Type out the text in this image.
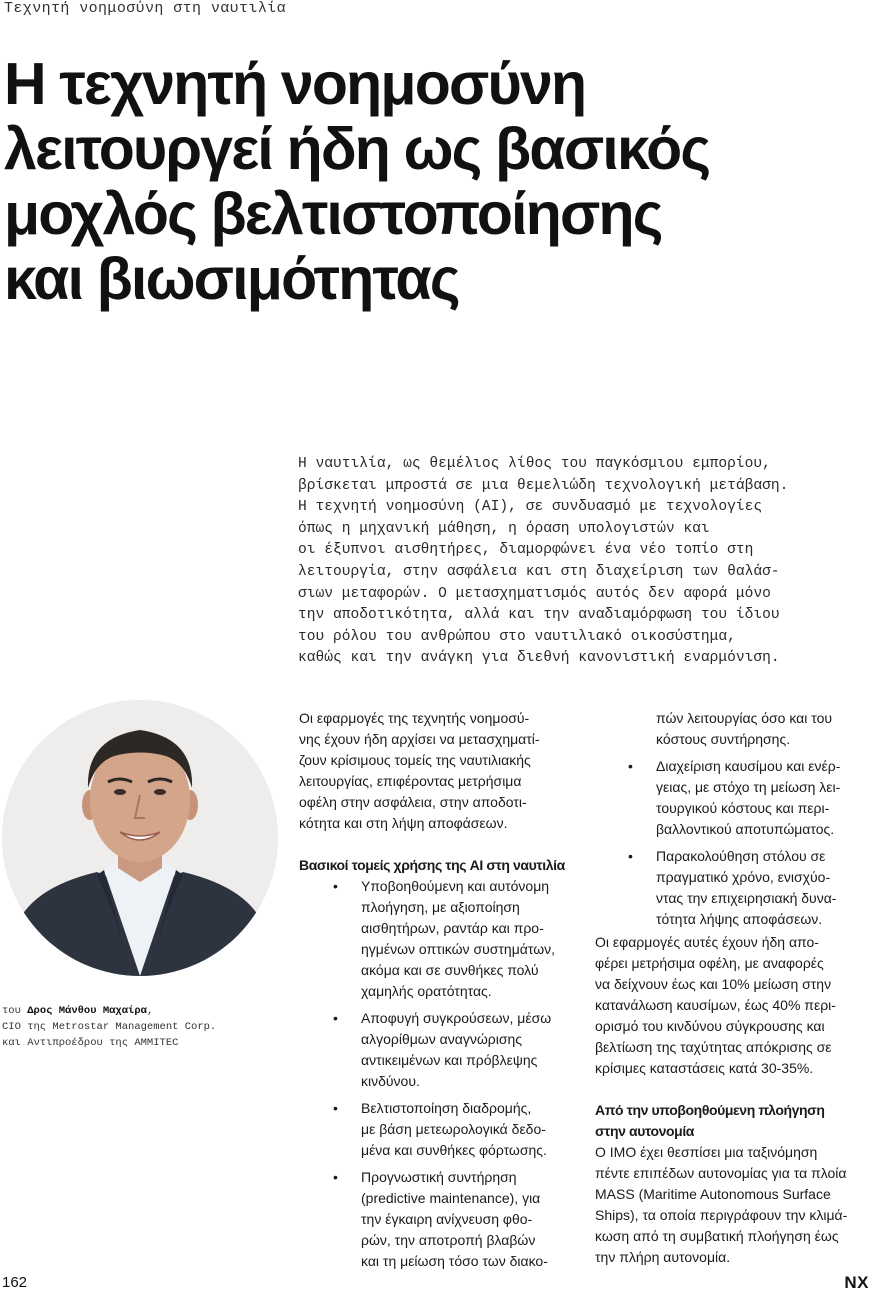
Τεχνητή νοημοσύνη στη ναυτιλία
Η τεχνητή νοημοσύνη
λειτουργεί ήδη ως βασικός
μοχλός βελτιστοποίησης
και βιωσιμότητας
Η ναυτιλία, ως θεμέλιος λίθος του παγκόσμιου εμπορίου,
βρίσκεται μπροστά σε μια θεμελιώδη τεχνολογική μετάβαση.
Η τεχνητή νοημοσύνη (AI), σε συνδυασμό με τεχνολογίες
όπως η μηχανική μάθηση, η όραση υπολογιστών και
οι έξυπνοι αισθητήρες, διαμορφώνει ένα νέο τοπίο στη
λειτουργία, στην ασφάλεια και στη διαχείριση των θαλάσ-
σιων μεταφορών. Ο μετασχηματισμός αυτός δεν αφορά μόνο
την αποδοτικότητα, αλλά και την αναδιαμόρφωση του ίδιου
του ρόλου του ανθρώπου στο ναυτιλιακό οικοσύστημα,
καθώς και την ανάγκη για διεθνή κανονιστική εναρμόνιση.
του Δρος Μάνθου Μαχαίρα,
CIO της Metrostar Management Corp.
και Αντιπροέδρου της AMMITEC

Οι εφαρμογές της τεχνητής νοημοσύ-
νης έχουν ήδη αρχίσει να μετασχηματί-
ζουν κρίσιμους τομείς της ναυτιλιακής
λειτουργίας, επιφέροντας μετρήσιμα
οφέλη στην ασφάλεια, στην αποδοτι-
κότητα και στη λήψη αποφάσεων.

Βασικοί τομείς χρήσης της AI στη ναυτιλία

• Υποβοηθούμενη και αυτόνομη
πλοήγηση, με αξιοποίηση
αισθητήρων, ραντάρ και προ-
ηγμένων οπτικών συστημάτων,
ακόμα και σε συνθήκες πολύ
χαμηλής ορατότητας.
• Αποφυγή συγκρούσεων, μέσω
αλγορίθμων αναγνώρισης
αντικειμένων και πρόβλεψης
κινδύνου.
• Βελτιστοποίηση διαδρομής,
με βάση μετεωρολογικά δεδο-
μένα και συνθήκες φόρτωσης.
• Προγνωστική συντήρηση
(predictive maintenance), για
την έγκαιρη ανίχνευση φθο-
ρών, την αποτροπή βλαβών
και τη μείωση τόσο των διακο-
πών λειτουργίας όσο και του
κόστους συντήρησης.
• Διαχείριση καυσίμου και ενέρ-
γειας, με στόχο τη μείωση λει-
τουργικού κόστους και περι-
βαλλοντικού αποτυπώματος.
• Παρακολούθηση στόλου σε
πραγματικό χρόνο, ενισχύο-
ντας την επιχειρησιακή δυνα-
τότητα λήψης αποφάσεων.

Οι εφαρμογές αυτές έχουν ήδη απο-
φέρει μετρήσιμα οφέλη, με αναφορές
να δείχνουν έως και 10% μείωση στην
κατανάλωση καυσίμων, έως 40% περι-
ορισμό του κινδύνου σύγκρουσης και
βελτίωση της ταχύτητας απόκρισης σε
κρίσιμες καταστάσεις κατά 30-35%.

Από την υποβοηθούμενη πλοήγηση
στην αυτονομία

Ο IMO έχει θεσπίσει μια ταξινόμηση
πέντε επιπέδων αυτονομίας για τα πλοία
MASS (Maritime Autonomous Surface
Ships), τα οποία περιγράφουν την κλιμά-
κωση από τη συμβατική πλοήγηση έως
την πλήρη αυτονομία.

162	NX
